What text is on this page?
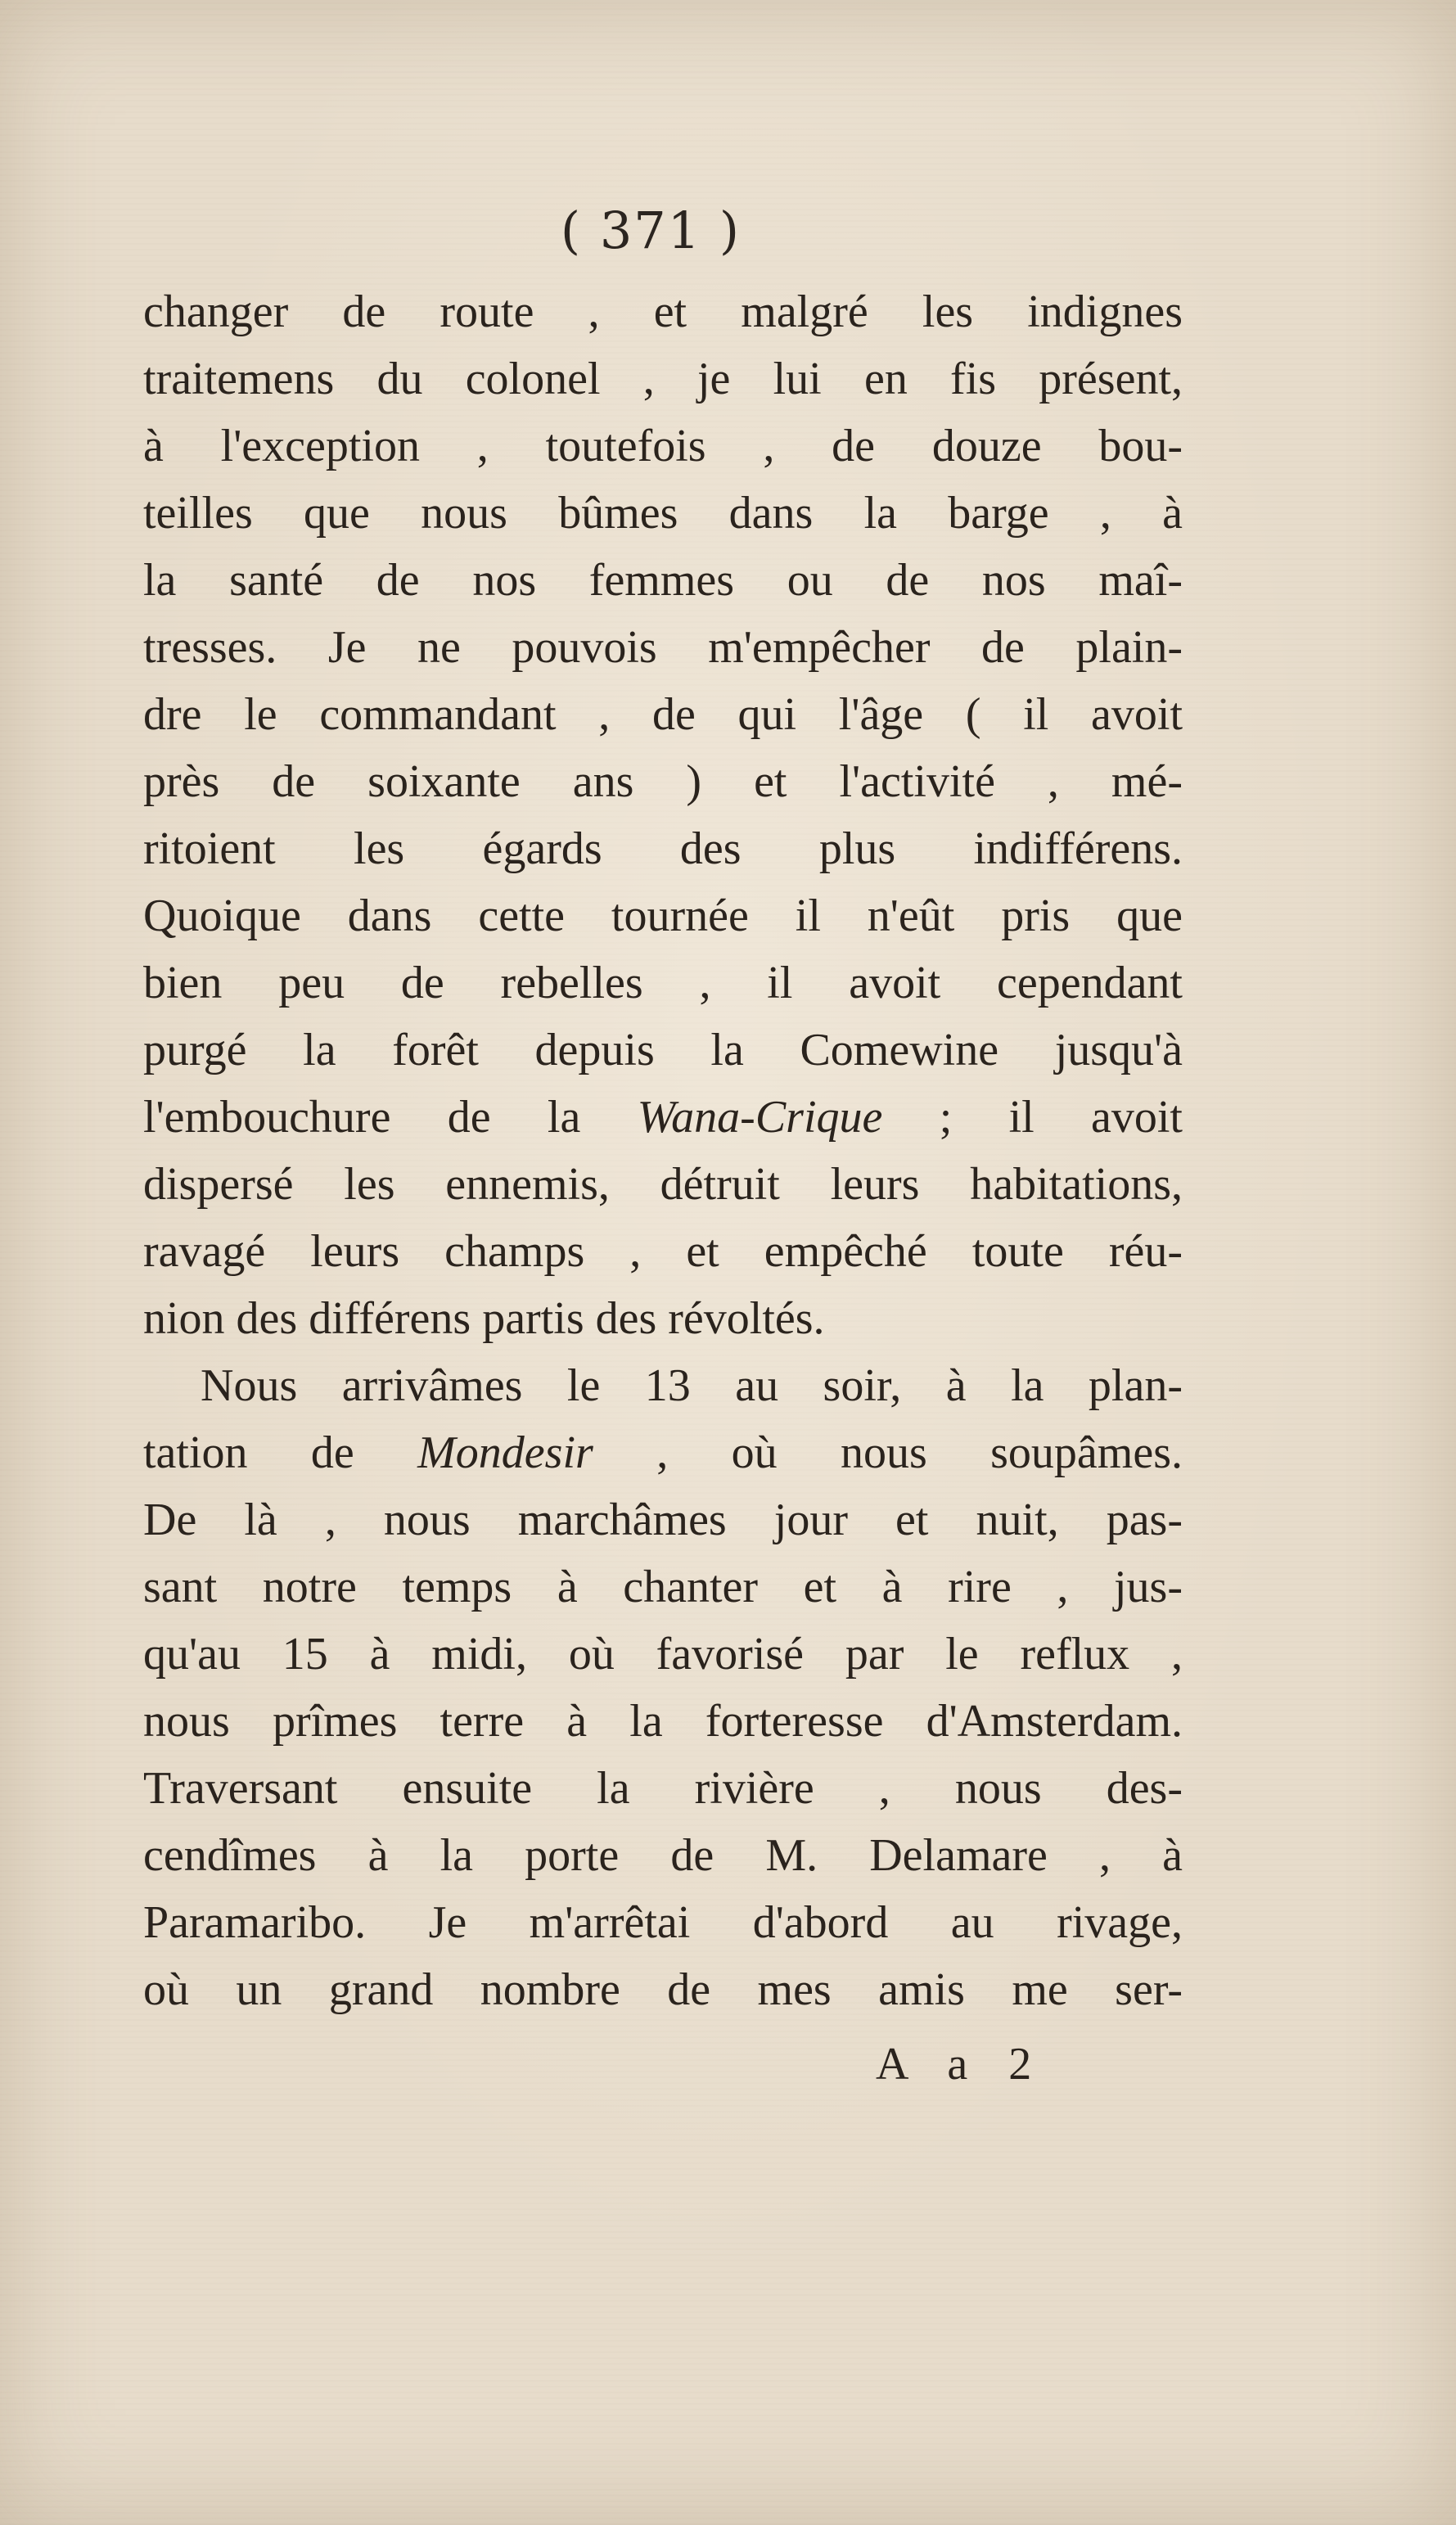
( 371 )
changer de route , et malgré les indignes
traitemens du colonel , je lui en fis présent,
à l'exception , toutefois , de douze bou-
teilles que nous bûmes dans la barge , à
la santé de nos femmes ou de nos maî-
tresses. Je ne pouvois m'empêcher de plain-
dre le commandant , de qui l'âge ( il avoit
près de soixante ans ) et l'activité , mé-
ritoient les égards des plus indifférens.
Quoique dans cette tournée il n'eût pris que
bien peu de rebelles , il avoit cependant
purgé la forêt depuis la Comewine jusqu'à
l'embouchure de la Wana-Crique ; il avoit
dispersé les ennemis, détruit leurs habitations,
ravagé leurs champs , et empêché toute réu-
nion des différens partis des révoltés.
Nous arrivâmes le 13 au soir, à la plan-
tation de Mondesir , où nous soupâmes.
De là , nous marchâmes jour et nuit, pas-
sant notre temps à chanter et à rire , jus-
qu'au 15 à midi, où favorisé par le reflux ,
nous prîmes terre à la forteresse d'Amsterdam.
Traversant ensuite la rivière , nous des-
cendîmes à la porte de M. Delamare , à
Paramaribo. Je m'arrêtai d'abord au rivage,
où un grand nombre de mes amis me ser-
A a 2
